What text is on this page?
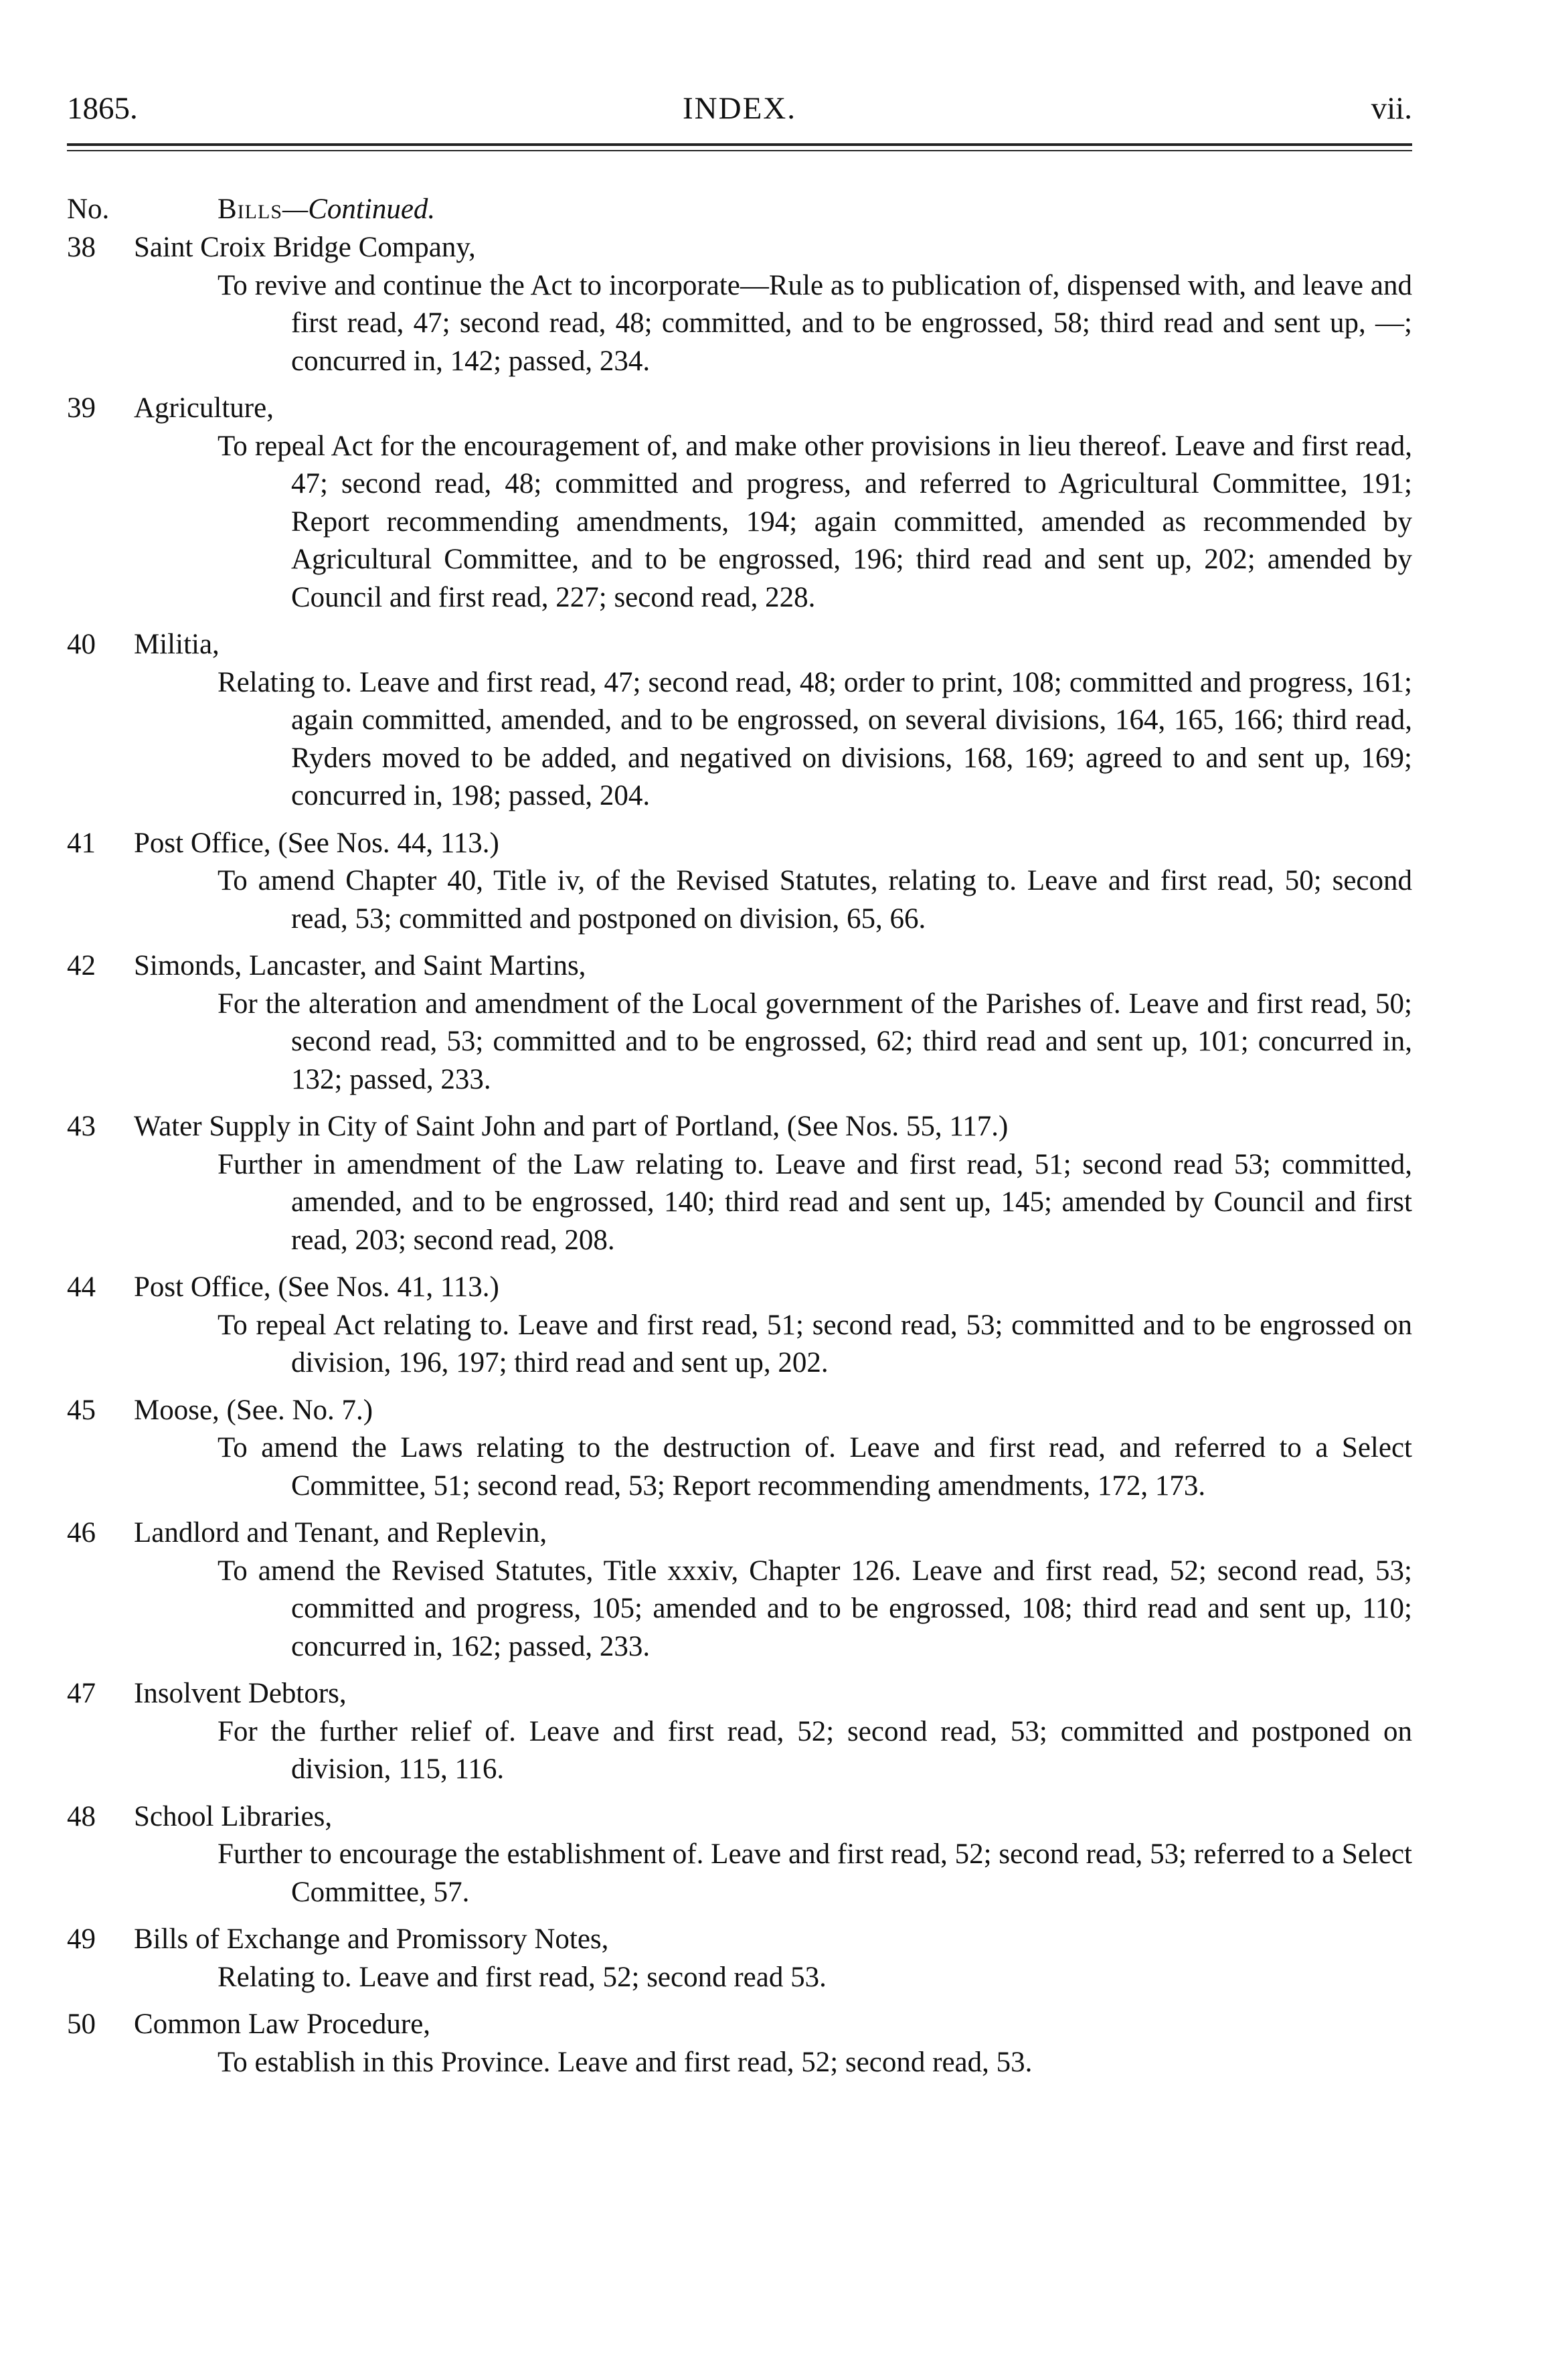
1865.	INDEX.	vii.
No.	Bills—Continued.
38 Saint Croix Bridge Company,
To revive and continue the Act to incorporate—Rule as to publication of, dispensed with, and leave and first read, 47; second read, 48; committed, and to be engrossed, 58; third read and sent up, —; concurred in, 142; passed, 234.
39 Agriculture,
To repeal Act for the encouragement of, and make other provisions in lieu thereof. Leave and first read, 47; second read, 48; committed and progress, and referred to Agricultural Committee, 191; Report recommending amendments, 194; again committed, amended as recommended by Agricultural Committee, and to be engrossed, 196; third read and sent up, 202; amended by Council and first read, 227; second read, 228.
40 Militia,
Relating to. Leave and first read, 47; second read, 48; order to print, 108; committed and progress, 161; again committed, amended, and to be engrossed, on several divisions, 164, 165, 166; third read, Ryders moved to be added, and negatived on divisions, 168, 169; agreed to and sent up, 169; concurred in, 198; passed, 204.
41 Post Office, (See Nos. 44, 113.)
To amend Chapter 40, Title iv, of the Revised Statutes, relating to. Leave and first read, 50; second read, 53; committed and postponed on division, 65, 66.
42 Simonds, Lancaster, and Saint Martins,
For the alteration and amendment of the Local government of the Parishes of. Leave and first read, 50; second read, 53; committed and to be engrossed, 62; third read and sent up, 101; concurred in, 132; passed, 233.
43 Water Supply in City of Saint John and part of Portland, (See Nos. 55, 117.)
Further in amendment of the Law relating to. Leave and first read, 51; second read 53; committed, amended, and to be engrossed, 140; third read and sent up, 145; amended by Council and first read, 203; second read, 208.
44 Post Office, (See Nos. 41, 113.)
To repeal Act relating to. Leave and first read, 51; second read, 53; committed and to be engrossed on division, 196, 197; third read and sent up, 202.
45 Moose, (See. No. 7.)
To amend the Laws relating to the destruction of. Leave and first read, and referred to a Select Committee, 51; second read, 53; Report recommending amendments, 172, 173.
46 Landlord and Tenant, and Replevin,
To amend the Revised Statutes, Title xxxiv, Chapter 126. Leave and first read, 52; second read, 53; committed and progress, 105; amended and to be engrossed, 108; third read and sent up, 110; concurred in, 162; passed, 233.
47 Insolvent Debtors,
For the further relief of. Leave and first read, 52; second read, 53; committed and postponed on division, 115, 116.
48 School Libraries,
Further to encourage the establishment of. Leave and first read, 52; second read, 53; referred to a Select Committee, 57.
49 Bills of Exchange and Promissory Notes,
Relating to. Leave and first read, 52; second read 53.
50 Common Law Procedure,
To establish in this Province. Leave and first read, 52; second read, 53.
